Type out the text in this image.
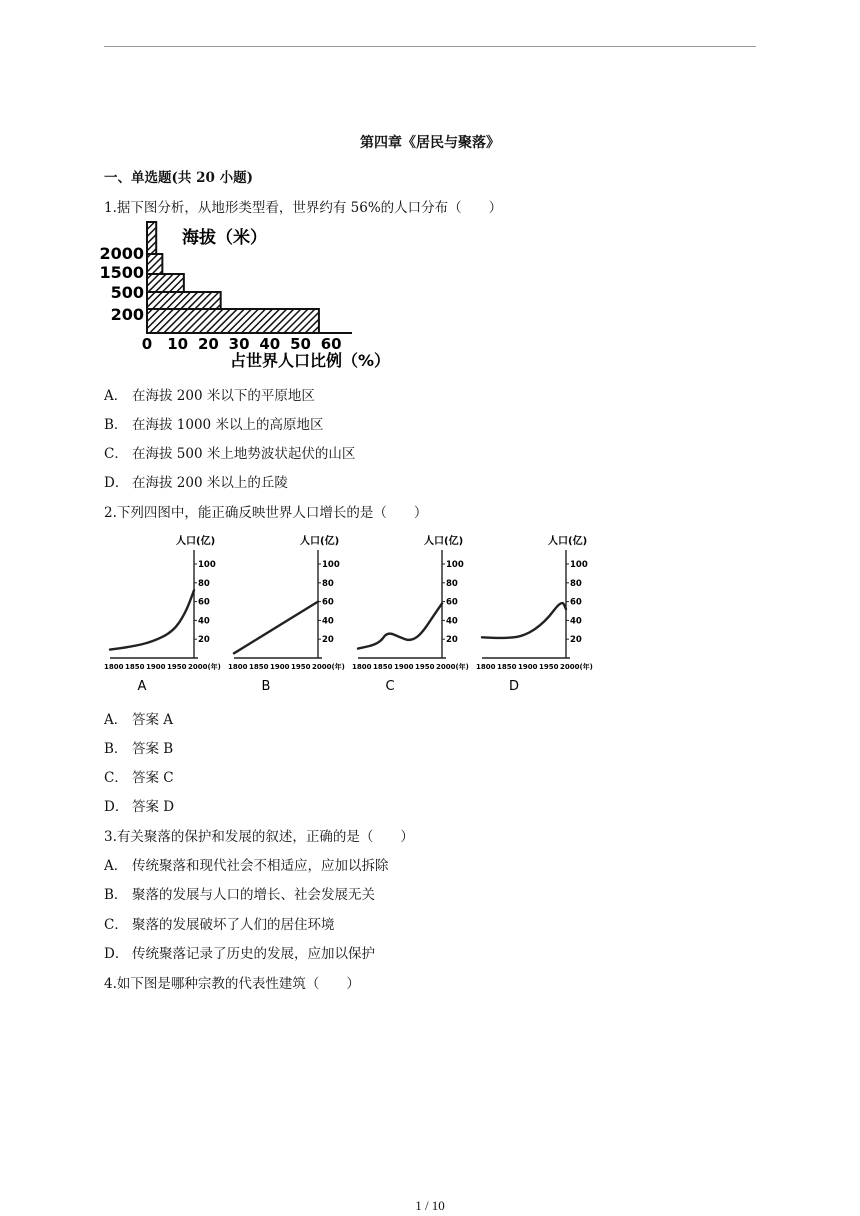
第四章《居民与聚落》
一、单选题(共 20 小题)
1.据下图分析，从地形类型看，世界约有 56%的人口分布（　　）
海拔（米）
200
500
1500
2000
0 10 20 30 40 50 60
占世界人口比例（%）
A． 在海拔 200 米以下的平原地区
B． 在海拔 1000 米以上的高原地区
C． 在海拔 500 米上地势波状起伏的山区
D． 在海拔 200 米以上的丘陵
2.下列四图中，能正确反映世界人口增长的是（　　）
人口(亿)
20
40
60
80
100
1800 1850 1900 1950 2000(年)
A
人口(亿)
20
40
60
80
100
1800 1850 1900 1950 2000(年)
B
人口(亿)
20
40
60
80
100
1800 1850 1900 1950 2000(年)
C
人口(亿)
20
40
60
80
100
1800 1850 1900 1950 2000(年)
D
A． 答案 A
B． 答案 B
C． 答案 C
D． 答案 D
3.有关聚落的保护和发展的叙述，正确的是（　　）
A． 传统聚落和现代社会不相适应，应加以拆除
B． 聚落的发展与人口的增长、社会发展无关
C． 聚落的发展破坏了人们的居住环境
D． 传统聚落记录了历史的发展，应加以保护
4.如下图是哪种宗教的代表性建筑（　　）
1 / 10
